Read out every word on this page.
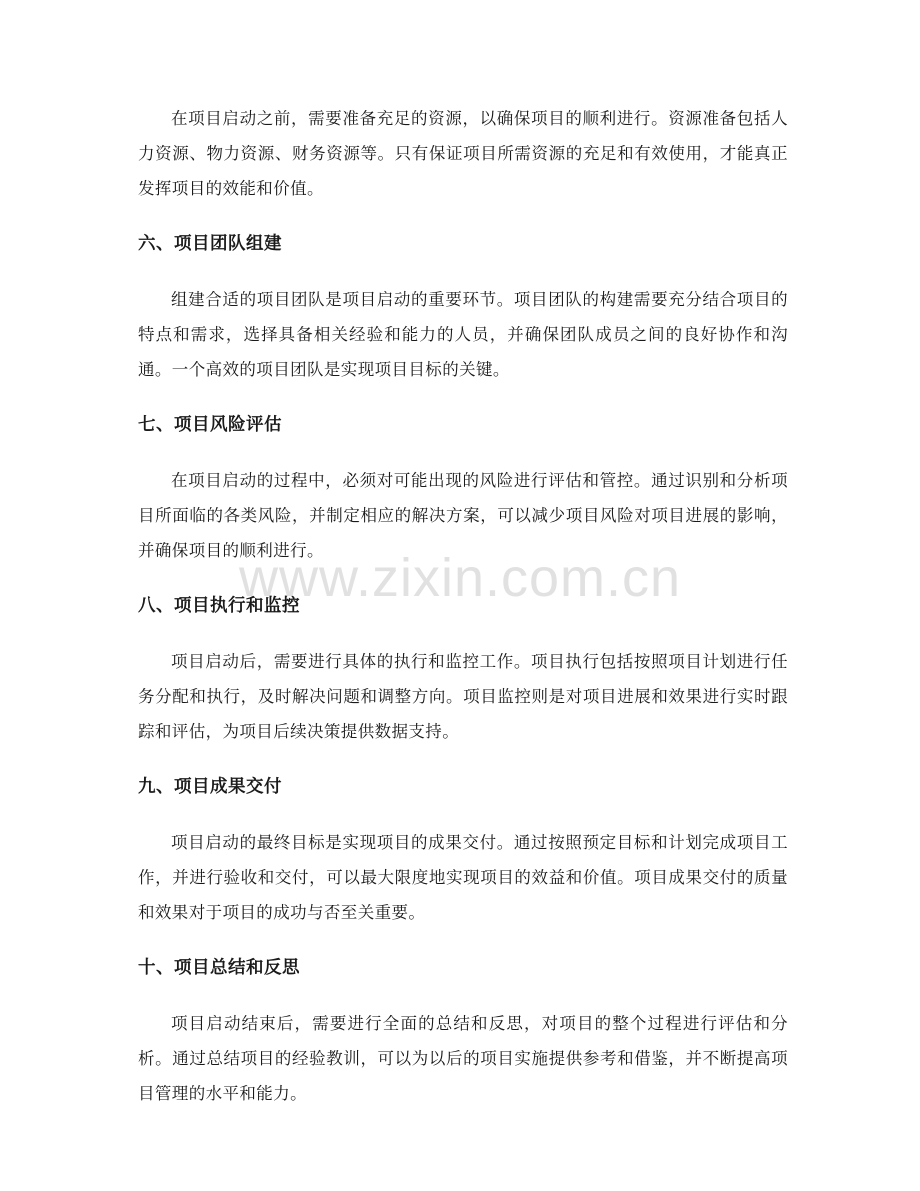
在项目启动之前，需要准备充足的资源，以确保项目的顺利进行。资源准备包括人力资源、物力资源、财务资源等。只有保证项目所需资源的充足和有效使用，才能真正发挥项目的效能和价值。

六、项目团队组建

组建合适的项目团队是项目启动的重要环节。项目团队的构建需要充分结合项目的特点和需求，选择具备相关经验和能力的人员，并确保团队成员之间的良好协作和沟通。一个高效的项目团队是实现项目目标的关键。

七、项目风险评估

在项目启动的过程中，必须对可能出现的风险进行评估和管控。通过识别和分析项目所面临的各类风险，并制定相应的解决方案，可以减少项目风险对项目进展的影响，并确保项目的顺利进行。

八、项目执行和监控

项目启动后，需要进行具体的执行和监控工作。项目执行包括按照项目计划进行任务分配和执行，及时解决问题和调整方向。项目监控则是对项目进展和效果进行实时跟踪和评估，为项目后续决策提供数据支持。

九、项目成果交付

项目启动的最终目标是实现项目的成果交付。通过按照预定目标和计划完成项目工作，并进行验收和交付，可以最大限度地实现项目的效益和价值。项目成果交付的质量和效果对于项目的成功与否至关重要。

十、项目总结和反思

项目启动结束后，需要进行全面的总结和反思，对项目的整个过程进行评估和分析。通过总结项目的经验教训，可以为以后的项目实施提供参考和借鉴，并不断提高项目管理的水平和能力。

www.zixin.com.cn
